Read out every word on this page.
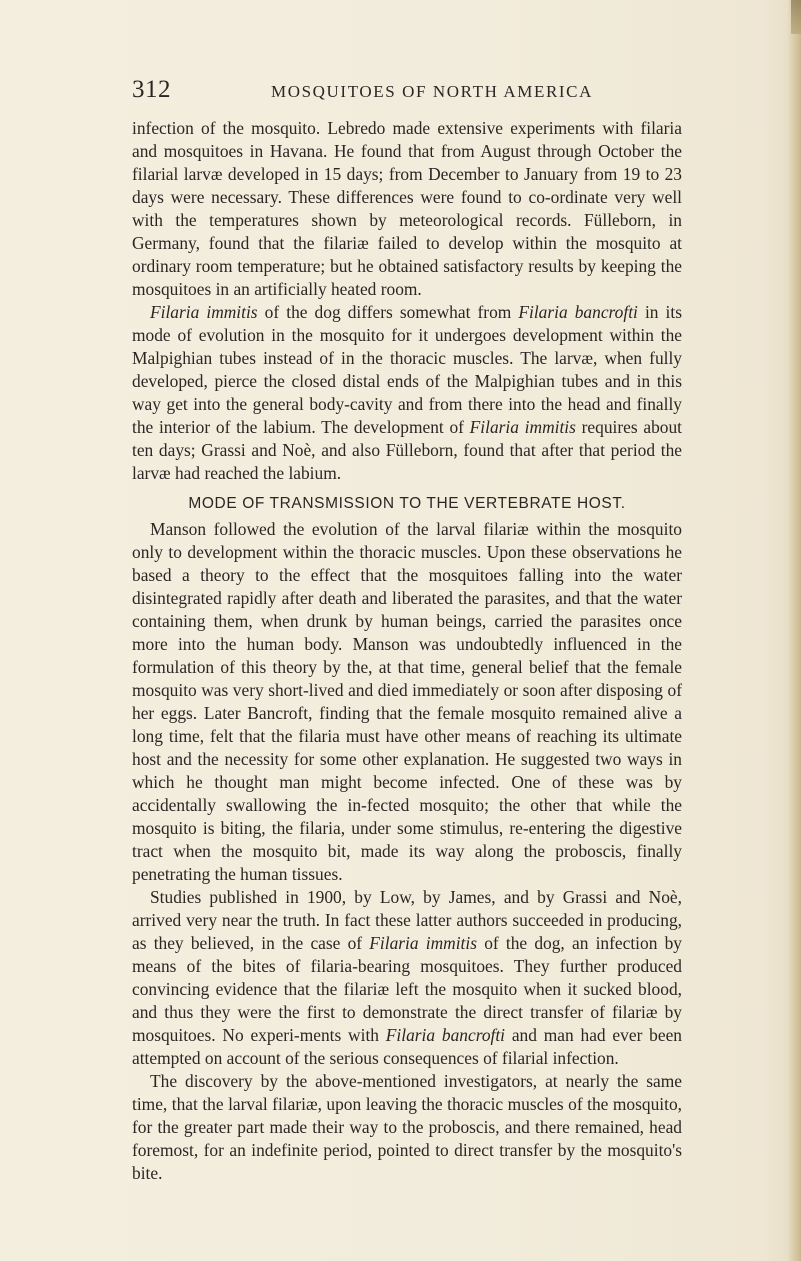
312	MOSQUITOES OF NORTH AMERICA

infection of the mosquito. Lebredo made extensive experiments with filaria and mosquitoes in Havana. He found that from August through October the filarial larvæ developed in 15 days; from December to January from 19 to 23 days were necessary. These differences were found to co-ordinate very well with the temperatures shown by meteorological records. Fülleborn, in Germany, found that the filariæ failed to develop within the mosquito at ordinary room temperature; but he obtained satisfactory results by keeping the mosquitoes in an artificially heated room.

Filaria immitis of the dog differs somewhat from Filaria bancrofti in its mode of evolution in the mosquito for it undergoes development within the Malpighian tubes instead of in the thoracic muscles. The larvæ, when fully developed, pierce the closed distal ends of the Malpighian tubes and in this way get into the general body-cavity and from there into the head and finally the interior of the labium. The development of Filaria immitis requires about ten days; Grassi and Noè, and also Fülleborn, found that after that period the larvæ had reached the labium.

MODE OF TRANSMISSION TO THE VERTEBRATE HOST.

Manson followed the evolution of the larval filariæ within the mosquito only to development within the thoracic muscles. Upon these observations he based a theory to the effect that the mosquitoes falling into the water disintegrated rapidly after death and liberated the parasites, and that the water containing them, when drunk by human beings, carried the parasites once more into the human body. Manson was undoubtedly influenced in the formulation of this theory by the, at that time, general belief that the female mosquito was very short-lived and died immediately or soon after disposing of her eggs. Later Bancroft, finding that the female mosquito remained alive a long time, felt that the filaria must have other means of reaching its ultimate host and the necessity for some other explanation. He suggested two ways in which he thought man might become infected. One of these was by accidentally swallowing the in-fected mosquito; the other that while the mosquito is biting, the filaria, under some stimulus, re-entering the digestive tract when the mosquito bit, made its way along the proboscis, finally penetrating the human tissues.

Studies published in 1900, by Low, by James, and by Grassi and Noè, arrived very near the truth. In fact these latter authors succeeded in producing, as they believed, in the case of Filaria immitis of the dog, an infection by means of the bites of filaria-bearing mosquitoes. They further produced convincing evidence that the filariæ left the mosquito when it sucked blood, and thus they were the first to demonstrate the direct transfer of filariæ by mosquitoes. No experi-ments with Filaria bancrofti and man had ever been attempted on account of the serious consequences of filarial infection.

The discovery by the above-mentioned investigators, at nearly the same time, that the larval filariæ, upon leaving the thoracic muscles of the mosquito, for the greater part made their way to the proboscis, and there remained, head foremost, for an indefinite period, pointed to direct transfer by the mosquito's bite.
